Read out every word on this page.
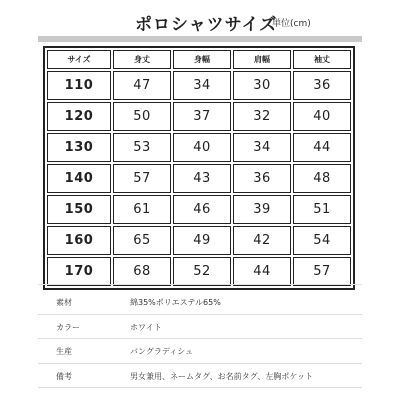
ポロシャツサイズ
単位(cm)
サイズ	身丈	身幅	肩幅	袖丈
110	47	34	30	36
120	50	37	32	40
130	53	40	34	44
140	57	43	36	48
150	61	46	39	51
160	65	49	42	54
170	68	52	44	57
素材	綿35%ポリエステル65%
カラー	ホワイト
生産	バングラディシュ
備考	男女兼用、ネームタグ、お名前タグ、左胸ポケット
